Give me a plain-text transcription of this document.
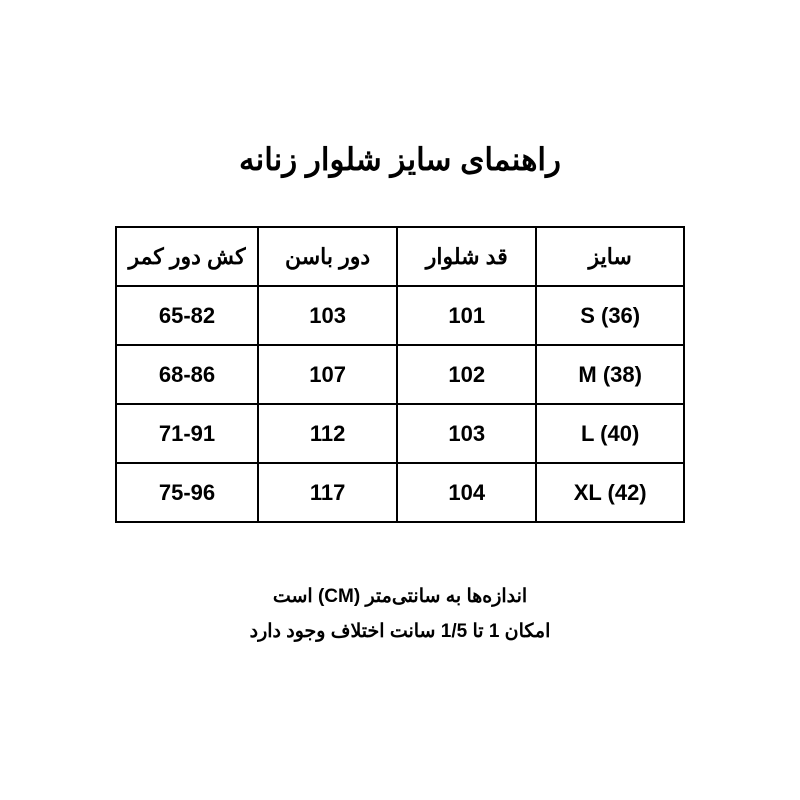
راهنمای سایز شلوار زنانه
سایز	قد شلوار	دور باسن	کش دور کمر
S (36)	101	103	65-82
M (38)	102	107	68-86
L (40)	103	112	71-91
XL (42)	104	117	75-96
اندازه‌ها به سانتی‌متر (CM) است
امکان 1 تا 1/5 سانت اختلاف وجود دارد
